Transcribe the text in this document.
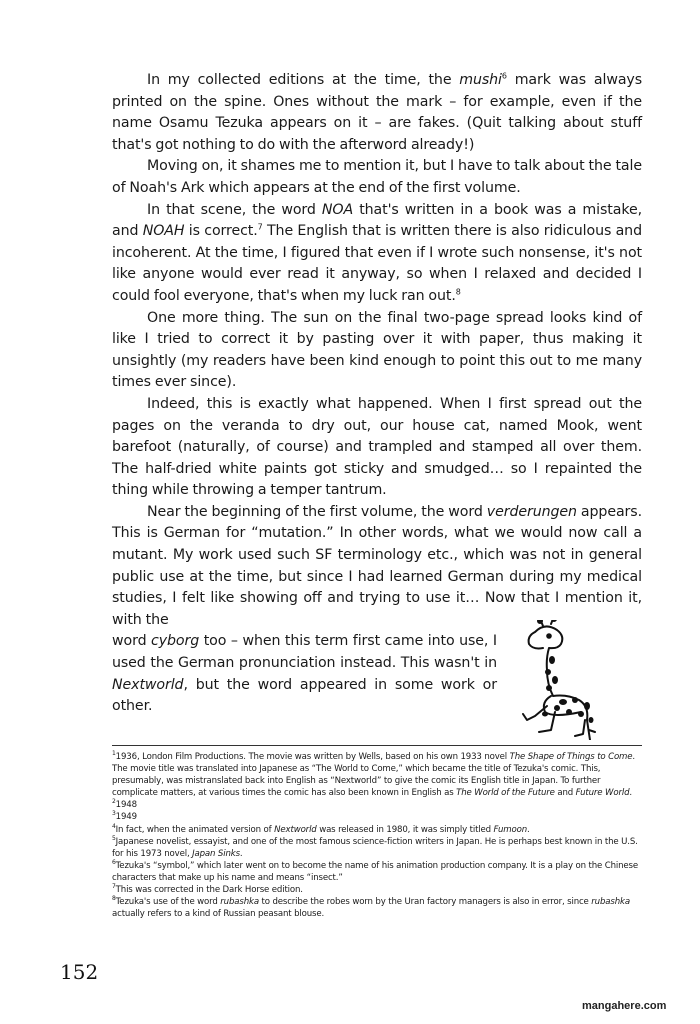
In my collected editions at the time, the mushi$^6$ mark was always printed on the spine. Ones without the mark – for example, even if the name Osamu Tezuka appears on it – are fakes. (Quit talking about stuff that's got nothing to do with the afterword already!)

Moving on, it shames me to mention it, but I have to talk about the tale of Noah's Ark which appears at the end of the first volume.

In that scene, the word NOA that's written in a book was a mistake, and NOAH is correct.$^7$ The English that is written there is also ridiculous and incoherent. At the time, I figured that even if I wrote such nonsense, it's not like anyone would ever read it anyway, so when I relaxed and decided I could fool everyone, that's when my luck ran out.$^8$

One more thing. The sun on the final two-page spread looks kind of like I tried to correct it by pasting over it with paper, thus making it unsightly (my readers have been kind enough to point this out to me many times ever since).

Indeed, this is exactly what happened. When I first spread out the pages on the veranda to dry out, our house cat, named Mook, went barefoot (naturally, of course) and trampled and stamped all over them. The half-dried white paints got sticky and smudged… so I repainted the thing while throwing a temper tantrum.

Near the beginning of the first volume, the word verderungen appears. This is German for “mutation.” In other words, what we would now call a mutant. My work used such SF terminology etc., which was not in general public use at the time, but since I had learned German during my medical studies, I felt like showing off and trying to use it… Now that I mention it, with the

word cyborg too – when this term first came into use, I used the German pronunciation instead. This wasn't in Nextworld, but the word appeared in some work or other.

$^1$1936, London Film Productions. The movie was written by Wells, based on his own 1933 novel The Shape of Things to Come. The movie title was translated into Japanese as “The World to Come,” which became the title of Tezuka's comic. This, presumably, was mistranslated back into English as “Nextworld” to give the comic its English title in Japan. To further complicate matters, at various times the comic has also been known in English as The World of the Future and Future World.

$^2$1948

$^3$1949

$^4$In fact, when the animated version of Nextworld was released in 1980, it was simply titled Fumoon.

$^5$Japanese novelist, essayist, and one of the most famous science-fiction writers in Japan. He is perhaps best known in the U.S. for his 1973 novel, Japan Sinks.

$^6$Tezuka's “symbol,” which later went on to become the name of his animation production company. It is a play on the Chinese characters that make up his name and means “insect.”

$^7$This was corrected in the Dark Horse edition.

$^8$Tezuka's use of the word rubashka to describe the robes worn by the Uran factory managers is also in error, since rubashka actually refers to a kind of Russian peasant blouse.

152
mangahere.com
